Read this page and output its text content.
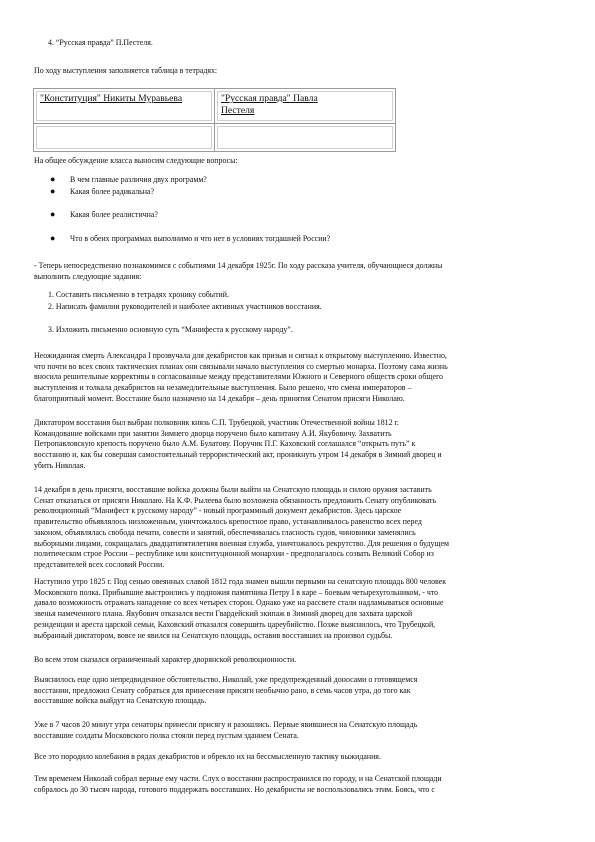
4. “Русская правда” П.Пестеля.

По ходу выступления заполняется таблица в тетрадях:

"Конституция" Никиты Муравьева	"Русская правда" Павла
Пестеля

На общее обсуждение класса выносим следующие вопросы:

● В чем главные различия двух программ?

● Какая более радикальна?

● Какая более реалистична?

● Что в обеих программах выполнимо и что нет в условиях тогдашней России?

- Теперь непосредственно познакомимся с событиями 14 декабря 1925г. По ходу рассказа учителя, обучающиеся должны

выполнить следующие задания:

1. Составить письменно в тетрадях хронику событий.

2. Написать фамилии руководителей и наиболее активных участников восстания.

3. Изложить письменно основную суть “Манифеста к русскому народу”.

Неожиданная смерть Александра I прозвучала для декабристов как призыв и сигнал к открытому выступлению. Известно,
что почти во всех своих тактических планах они связывали начало выступления со смертью монарха. Поэтому сама жизнь
вносила решительные коррективы в согласованные между представителями Южного и Северного обществ сроки общего
выступления и толкала декабристов на незамедлительные выступления. Было решено, что смена императоров –
благоприятный момент. Восстание было назначено на 14 декабря – день принятия Сенатом присяги Николаю.
Диктатором восстания был выбран полковник князь С.П. Трубецкой, участник Отечественной войны 1812 г.
Командование войсками при занятии Зимнего дворца поручено было капитану А.И. Якубовичу. Захватить
Петропавловскую крепость поручено было А.М. Булатову. Поручик П.Г. Каховский соглашался “открыть путь” к
восстанию и, как бы совершая самостоятельный террористический акт, проникнуть утром 14 декабря в Зимний дворец и
убить Николая.
14 декабря в день присяги, восставшие войска должны были выйти на Сенатскую площадь и силою оружия заставить
Сенат отказаться от присяги Николаю. На К.Ф. Рылеева было возложена обязанность предложить Сенату опубликовать
революционный “Манифест к русскому народу” - новый программный документ декабристов. Здесь царское
правительство объявлялось низложенным, уничтожалось крепостное право, устанавливалось равенство всех перед
законом, объявлялась свобода печати, совести и занятий, обеспечивалась гласность судов, чиновники заменялись
выборными лицами, сокращалась двадцатипятилетняя военная служба, уничтожалось рекрутство. Для решения о будущем
политическом строе России – республике или конституционной монархии - предполагалось созвать Великий Собор из
представителей всех сословий России.
Наступило утро 1825 г. Под сенью овеянных славой 1812 года знамен вышли первыми на сенатскую площадь 800 человек
Московского полка. Прибывшие выстроились у подножия памятника Петру I в каре – боевым четырехугольником, - что
давало возможность отражать нападение со всех четырех сторон. Однако уже на рассвете стали надламываться основные
звенья намеченного плана. Якубович отказался вести Гвардейский экипаж в Зимний дворец для захвата царской
резиденции и ареста царской семьи, Каховский отказался совершить цареубийство. Позже выяснилось, что Трубецкой,
выбранный диктатором, вовсе не явился на Сенатскую площадь, оставив восставших на произвол судьбы.
Во всем этом сказался ограниченный характер дворянской революционности.
Выяснилось еще одно непредвиденное обстоятельство. Николай, уже предупрежденный доносами о готовящемся
восстании, предложил Сенату собраться для принесения присяги необычно рано, в семь часов утра, до того как
восставшие войска выйдут на Сенатскую площадь.
Уже в 7 часов 20 минут утра сенаторы принесли присягу и разошлись. Первые явившиеся на Сенатскую площадь
восставшие солдаты Московского полка стояли перед пустым зданием Сената.
Все это породило колебания в рядах декабристов и обрекло их на бессмысленную тактику выжидания.
Тем временем Николай собрал верные ему части. Слух о восстании распространился по городу, и на Сенатской площади
собралось до 30 тысяч народа, готового поддержать восставших. Но декабристы не воспользовались этим. Боясь, что с
